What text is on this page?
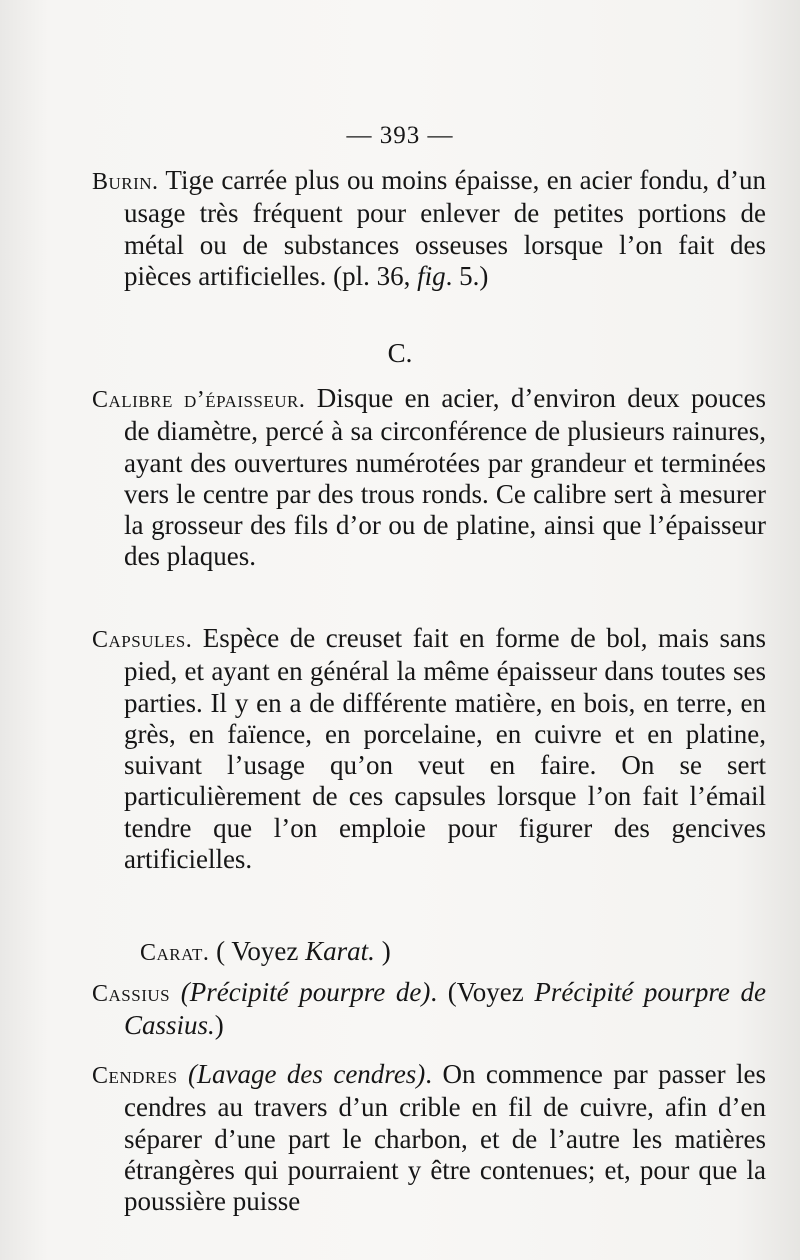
— 393 —

Burin. Tige carrée plus ou moins épaisse, en acier fondu, d’un usage très fréquent pour enlever de petites portions de métal ou de substances osseuses lorsque l’on fait des pièces artificielles. (pl. 36, fig. 5.)

C.

Calibre d’épaisseur. Disque en acier, d’environ deux pouces de diamètre, percé à sa circonférence de plusieurs rainures, ayant des ouvertures numérotées par grandeur et terminées vers le centre par des trous ronds. Ce calibre sert à mesurer la grosseur des fils d’or ou de platine, ainsi que l’épaisseur des plaques.

Capsules. Espèce de creuset fait en forme de bol, mais sans pied, et ayant en général la même épaisseur dans toutes ses parties. Il y en a de différente matière, en bois, en terre, en grès, en faïence, en porcelaine, en cuivre et en platine, suivant l’usage qu’on veut en faire. On se sert particulièrement de ces capsules lorsque l’on fait l’émail tendre que l’on emploie pour figurer des gencives artificielles.

Carat. ( Voyez Karat. )

Cassius (Précipité pourpre de). (Voyez Précipité pourpre de Cassius.)

Cendres (Lavage des cendres). On commence par passer les cendres au travers d’un crible en fil de cuivre, afin d’en séparer d’une part le charbon, et de l’autre les matières étrangères qui pourraient y être contenues; et, pour que la poussière puisse
